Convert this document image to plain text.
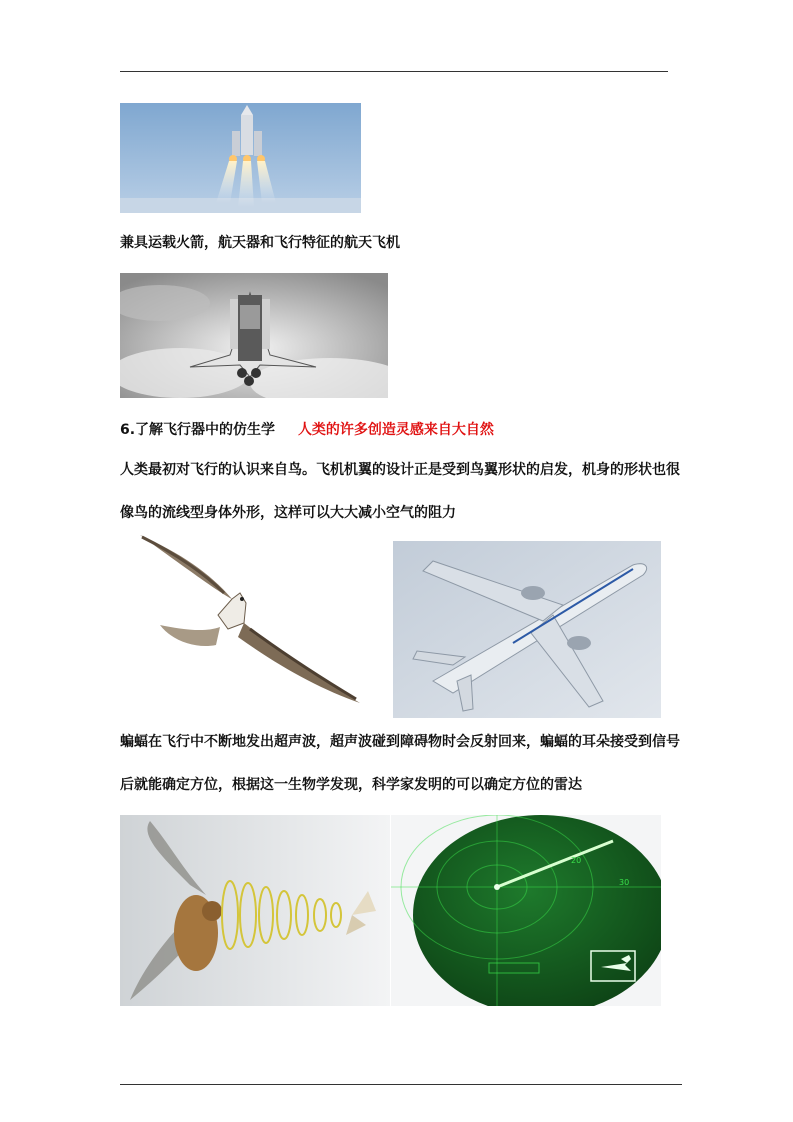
兼具运载火箭，航天器和飞行特征的航天飞机
6.了解飞行器中的仿生学 人类的许多创造灵感来自大自然
人类最初对飞行的认识来自鸟。飞机机翼的设计正是受到鸟翼形状的启发，机身的形状也很
像鸟的流线型身体外形，这样可以大大减小空气的阻力
蝙蝠在飞行中不断地发出超声波，超声波碰到障碍物时会反射回来，蝙蝠的耳朵接受到信号
后就能确定方位，根据这一生物学发现，科学家发明的可以确定方位的雷达
20
30
